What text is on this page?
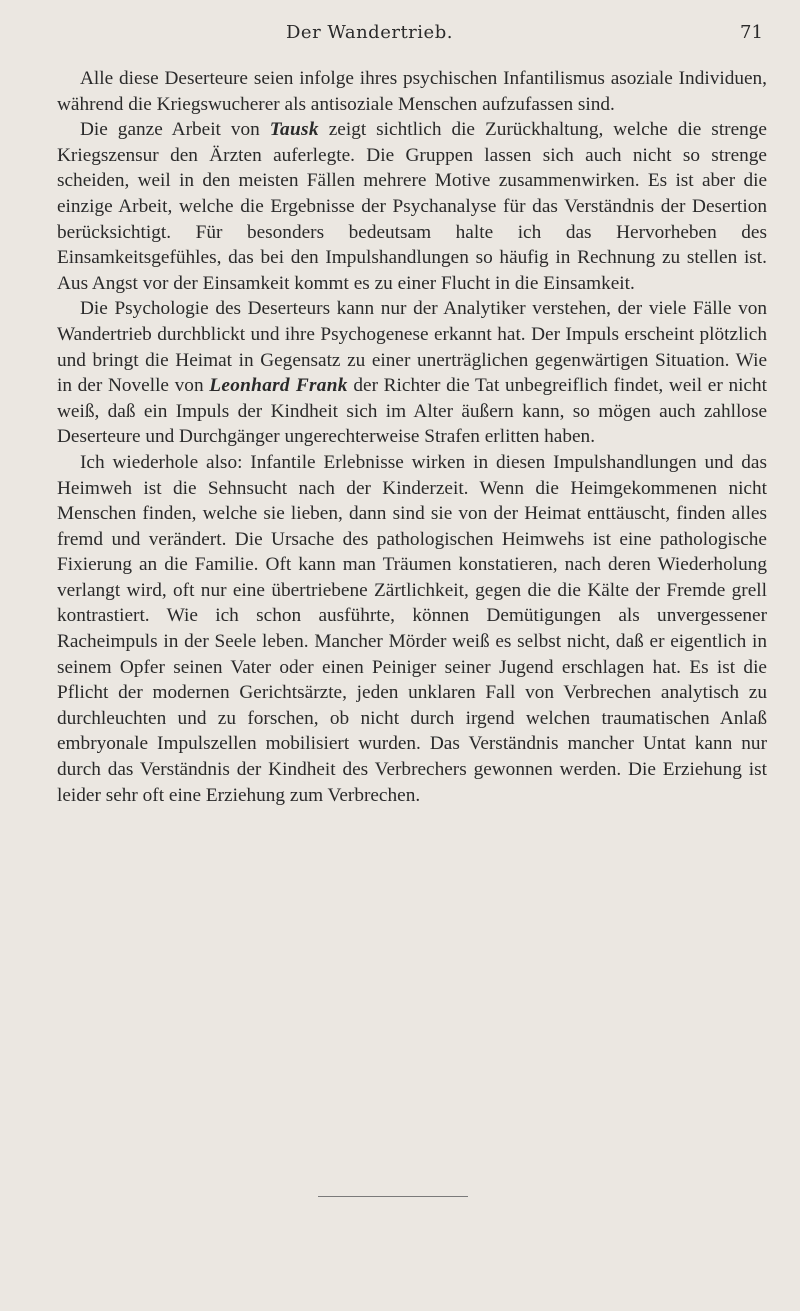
Der Wandertrieb.	71

Alle diese Deserteure seien infolge ihres psychischen Infantilismus asoziale Individuen, während die Kriegswucherer als antisoziale Menschen aufzufassen sind.

Die ganze Arbeit von Tausk zeigt sichtlich die Zurückhaltung, welche die strenge Kriegszensur den Ärzten auferlegte. Die Gruppen lassen sich auch nicht so strenge scheiden, weil in den meisten Fällen mehrere Motive zusammenwirken. Es ist aber die einzige Arbeit, welche die Ergebnisse der Psychanalyse für das Verständnis der Desertion berücksichtigt. Für besonders bedeutsam halte ich das Hervorheben des Einsamkeitsgefühles, das bei den Impulshandlungen so häufig in Rechnung zu stellen ist. Aus Angst vor der Einsamkeit kommt es zu einer Flucht in die Einsamkeit.

Die Psychologie des Deserteurs kann nur der Analytiker verstehen, der viele Fälle von Wandertrieb durchblickt und ihre Psychogenese erkannt hat. Der Impuls erscheint plötzlich und bringt die Heimat in Gegensatz zu einer unerträglichen gegenwärtigen Situation. Wie in der Novelle von Leonhard Frank der Richter die Tat unbegreiflich findet, weil er nicht weiß, daß ein Impuls der Kindheit sich im Alter äußern kann, so mögen auch zahllose Deserteure und Durchgänger ungerechterweise Strafen erlitten haben.

Ich wiederhole also: Infantile Erlebnisse wirken in diesen Impulshandlungen und das Heimweh ist die Sehnsucht nach der Kinderzeit. Wenn die Heimgekommenen nicht Menschen finden, welche sie lieben, dann sind sie von der Heimat enttäuscht, finden alles fremd und verändert. Die Ursache des pathologischen Heimwehs ist eine pathologische Fixierung an die Familie. Oft kann man Träumen konstatieren, nach deren Wiederholung verlangt wird, oft nur eine übertriebene Zärtlichkeit, gegen die die Kälte der Fremde grell kontrastiert. Wie ich schon ausführte, können Demütigungen als unvergessener Racheimpuls in der Seele leben. Mancher Mörder weiß es selbst nicht, daß er eigentlich in seinem Opfer seinen Vater oder einen Peiniger seiner Jugend erschlagen hat. Es ist die Pflicht der modernen Gerichtsärzte, jeden unklaren Fall von Verbrechen analytisch zu durchleuchten und zu forschen, ob nicht durch irgend welchen traumatischen Anlaß embryonale Impulszellen mobilisiert wurden. Das Verständnis mancher Untat kann nur durch das Verständnis der Kindheit des Verbrechers gewonnen werden. Die Erziehung ist leider sehr oft eine Erziehung zum Verbrechen.
